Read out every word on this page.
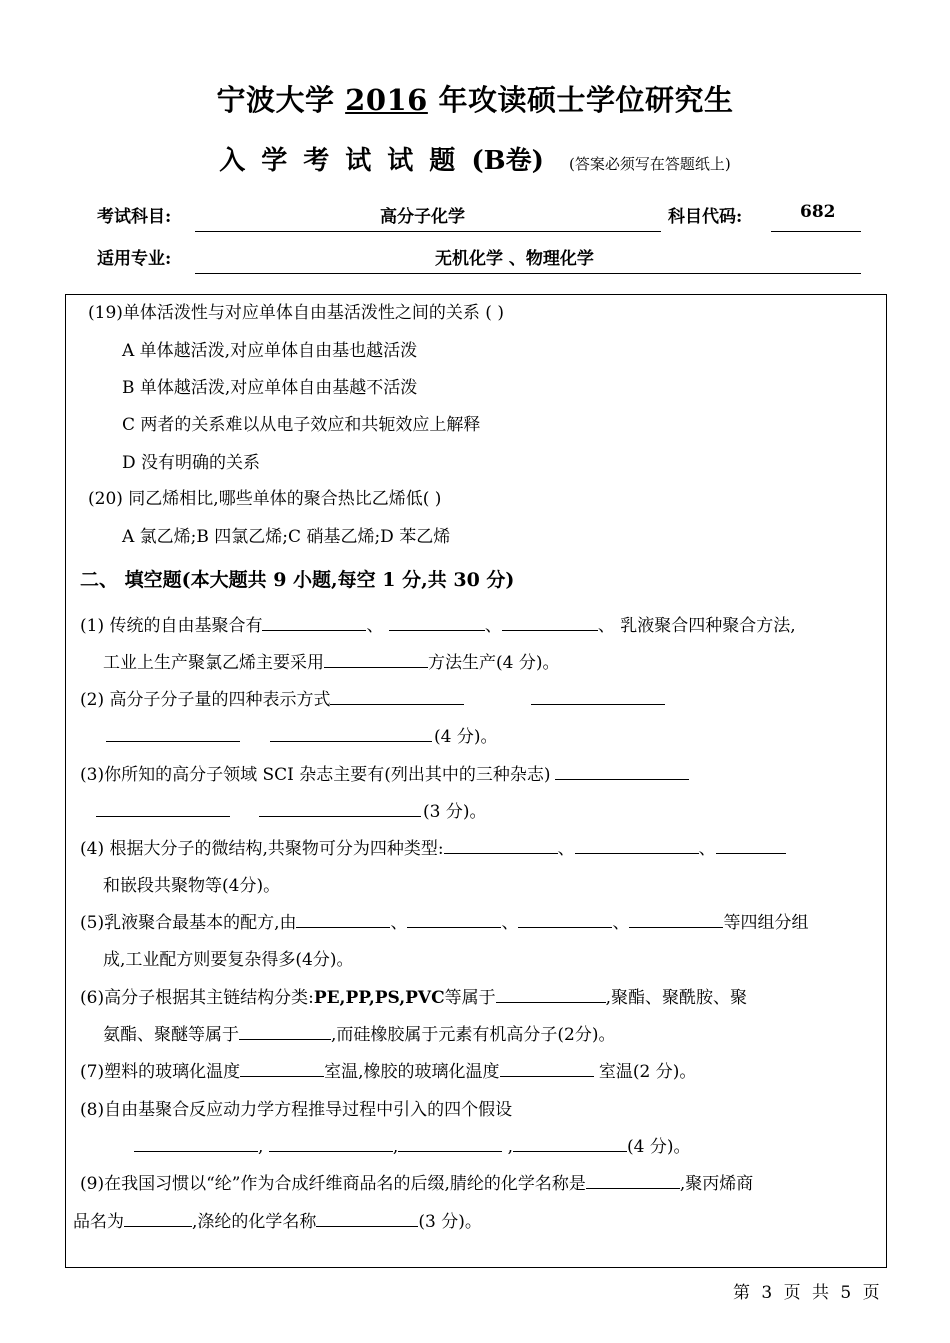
宁波大学 2016 年攻读硕士学位研究生
入学考试试题(B卷) (答案必须写在答题纸上)
考试科目:	高分子化学	科目代码:	682
适用专业:	无机化学 、物理化学
(19)单体活泼性与对应单体自由基活泼性之间的关系 ( )
A 单体越活泼,对应单体自由基也越活泼
B 单体越活泼,对应单体自由基越不活泼
C 两者的关系难以从电子效应和共轭效应上解释
D 没有明确的关系
(20) 同乙烯相比,哪些单体的聚合热比乙烯低( )
A 氯乙烯;B 四氯乙烯;C 硝基乙烯;D 苯乙烯
二、 填空题(本大题共 9 小题,每空 1 分,共 30 分)
(1) 传统的自由基聚合有	、	、	、 乳液聚合四种聚合方法,
工业上生产聚氯乙烯主要采用	方法生产(4 分)。
(2) 高分子分子量的四种表示方式
(4 分)。
(3)你所知的高分子领域 SCI 杂志主要有(列出其中的三种杂志)
(3 分)。
(4) 根据大分子的微结构,共聚物可分为四种类型:	、	、
和嵌段共聚物等(4分)。
(5)乳液聚合最基本的配方,由	、	、	、	等四组分组
成,工业配方则要复杂得多(4分)。
(6)高分子根据其主链结构分类:PE,PP,PS,PVC等属于	,聚酯、聚酰胺、聚
氨酯、聚醚等属于	,而硅橡胶属于元素有机高分子(2分)。
(7)塑料的玻璃化温度	室温,橡胶的玻璃化温度	室温(2 分)。
(8)自由基聚合反应动力学方程推导过程中引入的四个假设
,	,	,	(4 分)。
(9)在我国习惯以“纶”作为合成纤维商品名的后缀,腈纶的化学名称是	,聚丙烯商
品名为	,涤纶的化学名称	(3 分)。
第 3 页 共 5 页
